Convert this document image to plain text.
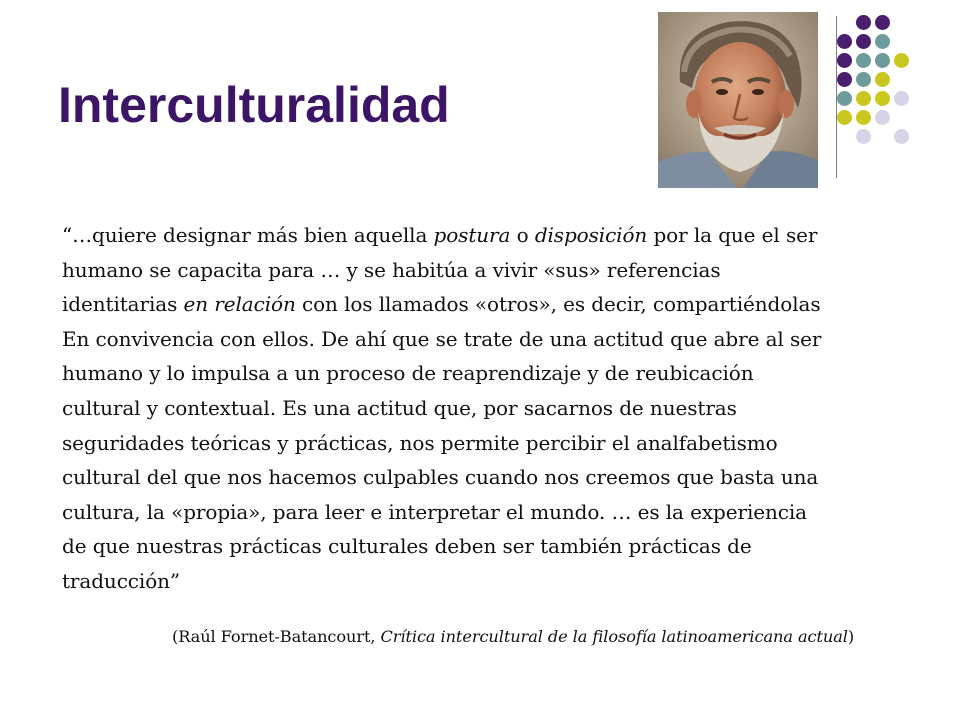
Interculturalidad

“…quiere designar más bien aquella postura o disposición por la que el ser
humano se capacita para … y se habitúa a vivir «sus» referencias
identitarias en relación con los llamados «otros», es decir, compartiéndolas
En convivencia con ellos. De ahí que se trate de una actitud que abre al ser
humano y lo impulsa a un proceso de reaprendizaje y de reubicación
cultural y contextual. Es una actitud que, por sacarnos de nuestras
seguridades teóricas y prácticas, nos permite percibir el analfabetismo
cultural del que nos hacemos culpables cuando nos creemos que basta una
cultura, la «propia», para leer e interpretar el mundo. … es la experiencia
de que nuestras prácticas culturales deben ser también prácticas de
traducción”

(Raúl Fornet-Batancourt, Crítica intercultural de la filosofía latinoamericana actual)
